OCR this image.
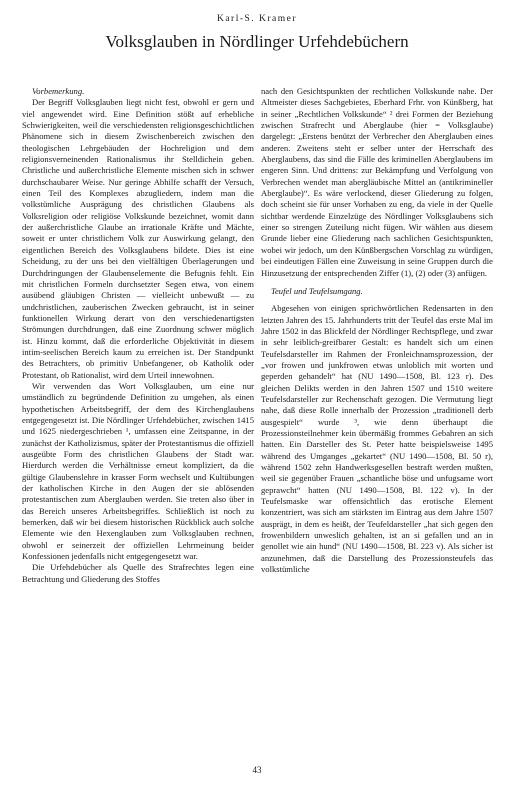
Karl-S. Kramer

Volksglauben in Nördlinger Urfehdebüchern

Vorbemerkung.

Der Begriff Volksglauben liegt nicht fest, obwohl er gern und viel angewendet wird. Eine Definition stößt auf erhebliche Schwierigkeiten, weil die verschiedensten religionsgeschichtlichen Phänomene sich in diesem Zwischenbereich zwischen den theologischen Lehrgebäuden der Hochreligion und dem religionsverneinenden Rationalismus ihr Stelldichein geben. Christliche und außerchristliche Elemente mischen sich in schwer durchschaubarer Weise. Nur geringe Abhilfe schafft der Versuch, einen Teil des Komplexes abzugliedern, indem man die volkstümliche Ausprägung des christlichen Glaubens als Volksreligion oder religiöse Volkskunde bezeichnet, womit dann der außerchristliche Glaube an irrationale Kräfte und Mächte, soweit er unter christlichem Volk zur Auswirkung gelangt, den eigentlichen Bereich des Volksglaubens bildete. Dies ist eine Scheidung, zu der uns bei den vielfältigen Überlagerungen und Durchdringungen der Glaubenselemente die Befugnis fehlt. Ein mit christlichen Formeln durchsetzter Segen etwa, von einem ausübend gläubigen Christen — vielleicht unbewußt — zu undchristlichen, zauberischen Zwecken gebraucht, ist in seiner funktionellen Wirkung derart von den verschiedenartigsten Strömungen durchdrungen, daß eine Zuordnung schwer möglich ist. Hinzu kommt, daß die erforderliche Objektivität in diesem intim-seelischen Bereich kaum zu erreichen ist. Der Standpunkt des Betrachters, ob primitiv Unbefangener, ob Katholik oder Protestant, ob Rationalist, wird dem Urteil innewohnen.

Wir verwenden das Wort Volksglauben, um eine nur umständlich zu begründende Definition zu umgehen, als einen hypothetischen Arbeitsbegriff, der dem des Kirchenglaubens entgegengesetzt ist. Die Nördlinger Urfehdebücher, zwischen 1415 und 1625 niedergeschrieben ¹, umfassen eine Zeitspanne, in der zunächst der Katholizismus, später der Protestantismus die offiziell ausgeübte Form des christlichen Glaubens der Stadt war. Hierdurch werden die Verhältnisse erneut kompliziert, da die gültige Glaubenslehre in krasser Form wechselt und Kultübungen der katholischen Kirche in den Augen der sie ablösenden protestantischen zum Aberglauben werden. Sie treten also über in das Bereich unseres Arbeitsbegriffes. Schließlich ist noch zu bemerken, daß wir bei diesem historischen Rückblick auch solche Elemente wie den Hexenglauben zum Volksglauben rechnen, obwohl er seinerzeit der offiziellen Lehrmeinung beider Konfessionen jedenfalls nicht entgegengesetzt war.

Die Urfehdebücher als Quelle des Strafrechtes legen eine Betrachtung und Gliederung des Stoffes

nach den Gesichtspunkten der rechtlichen Volkskunde nahe. Der Altmeister dieses Sachgebietes, Eberhard Frhr. von Künßberg, hat in seiner „Rechtlichen Volkskunde“ ² drei Formen der Beziehung zwischen Strafrecht und Aberglaube (hier = Volksglaube) dargelegt: „Erstens benützt der Verbrecher den Aberglauben eines anderen. Zweitens steht er selber unter der Herrschaft des Aberglaubens, das sind die Fälle des kriminellen Aberglaubens im engeren Sinn. Und drittens: zur Bekämpfung und Verfolgung von Verbrechen wendet man abergläubische Mittel an (antikrimineller Aberglaube)“. Es wäre verlockend, dieser Gliederung zu folgen, doch scheint sie für unser Vorhaben zu eng, da viele in der Quelle sichtbar werdende Einzelzüge des Nördlinger Volksglaubens sich einer so strengen Zuteilung nicht fügen. Wir wählen aus diesem Grunde lieber eine Gliederung nach sachlichen Gesichtspunkten, wobei wir jedoch, um den Künßbergschen Vorschlag zu würdigen, bei eindeutigen Fällen eine Zuweisung in seine Gruppen durch die Hinzusetzung der entsprechenden Ziffer (1), (2) oder (3) anfügen.

Teufel und Teufelsumgang.

Abgesehen von einigen sprichwörtlichen Redensarten in den letzten Jahren des 15. Jahrhunderts tritt der Teufel das erste Mal im Jahre 1502 in das Blickfeld der Nördlinger Rechtspflege, und zwar in sehr leiblich-greifbarer Gestalt: es handelt sich um einen Teufelsdarsteller im Rahmen der Fronleichnamsprozession, der „vor frowen und junkfrowen etwas unloblich mit worten und geperden gehandelt“ hat (NU 1490—1508, Bl. 123 r). Des gleichen Delikts werden in den Jahren 1507 und 1510 weitere Teufelsdarsteller zur Rechenschaft gezogen. Die Vermutung liegt nahe, daß diese Rolle innerhalb der Prozession „traditionell derb ausgespielt“ wurde ³, wie denn überhaupt die Prozessionsteilnehmer kein übermäßig frommes Gebahren an sich hatten. Ein Darsteller des St. Peter hatte beispielsweise 1495 während des Umganges „gekartet“ (NU 1490—1508, Bl. 50 r), während 1502 zehn Handwerksgesellen bestraft werden mußten, weil sie gegenüber Frauen „schantliche böse und unfugsame wort geprawcht“ hatten (NU 1490—1508, Bl. 122 v). In der Teufelsmaske war offensichtlich das erotische Element konzentriert, was sich am stärksten im Eintrag aus dem Jahre 1507 ausprägt, in dem es heißt, der Teufeldarsteller „hat sich gegen den frowenbildern unweslich gehalten, ist an si gefallen und an in genollet wie ain hund“ (NU 1490—1508, Bl. 223 v). Als sicher ist anzunehmen, daß die Darstellung des Prozessionsteufels das volkstümliche

43
